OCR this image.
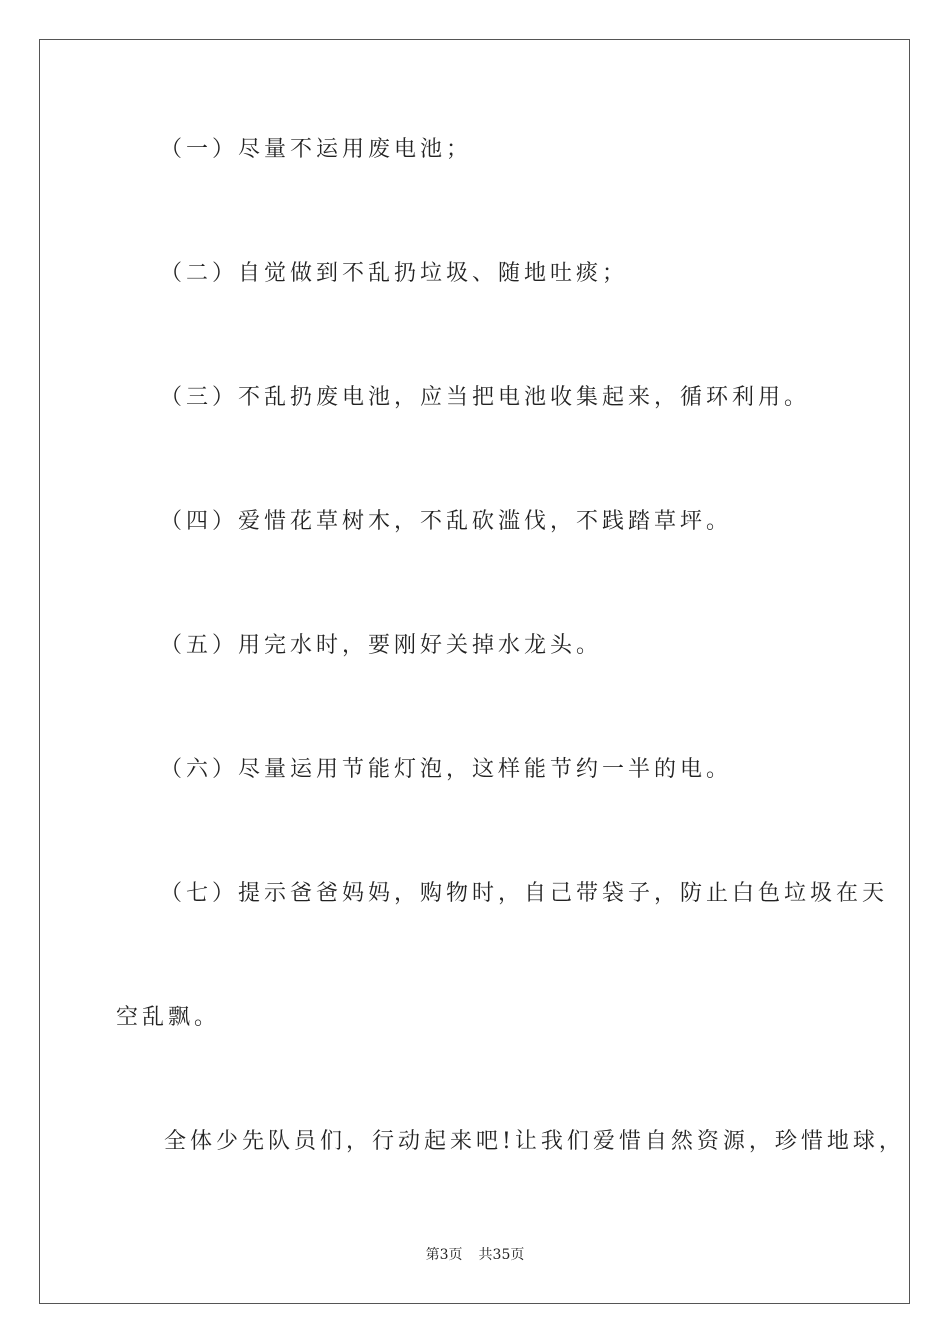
（一）尽量不运用废电池；
（二）自觉做到不乱扔垃圾、随地吐痰；
（三）不乱扔废电池，应当把电池收集起来，循环利用。
（四）爱惜花草树木，不乱砍滥伐，不践踏草坪。
（五）用完水时，要刚好关掉水龙头。
（六）尽量运用节能灯泡，这样能节约一半的电。
（七）提示爸爸妈妈，购物时，自己带袋子，防止白色垃圾在天
空乱飘。
全体少先队员们，行动起来吧!让我们爱惜自然资源，珍惜地球，
第3页 共35页
